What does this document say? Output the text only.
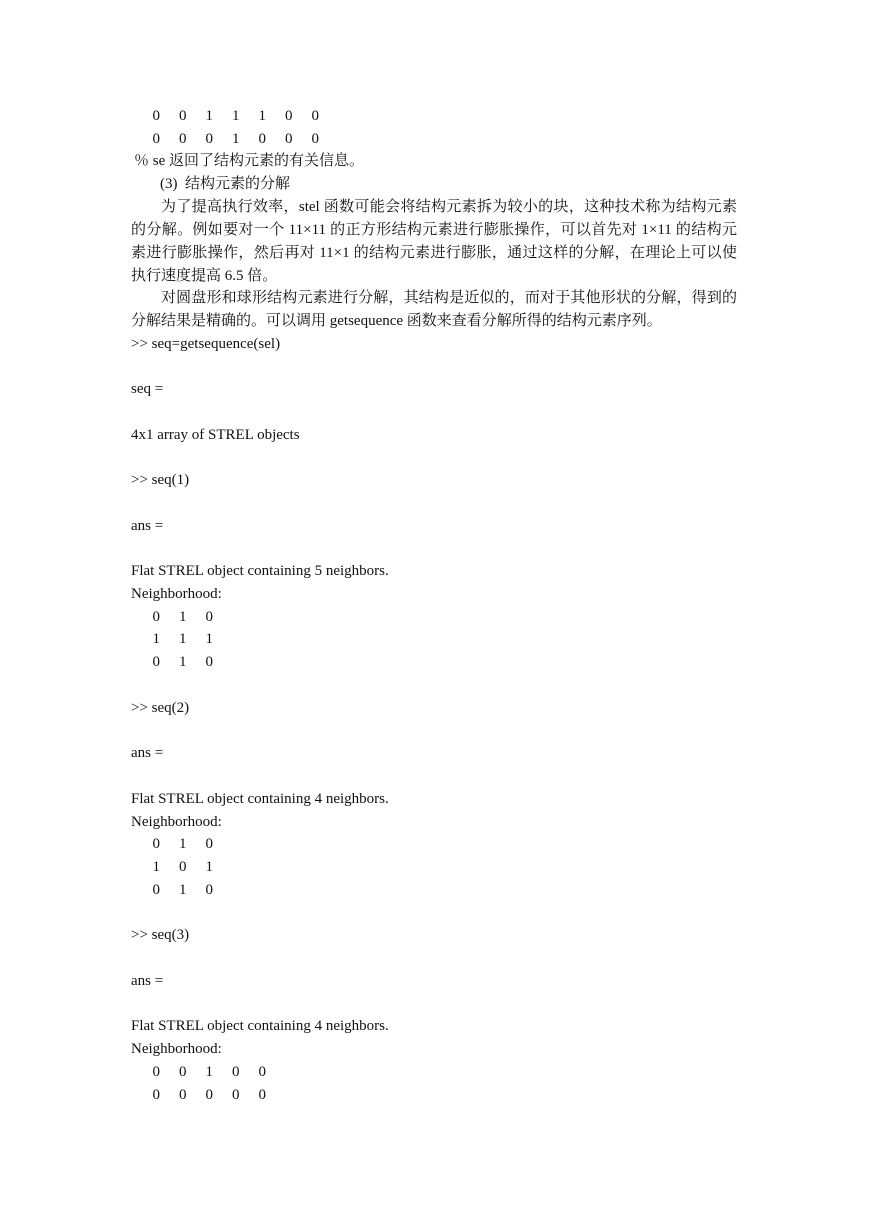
0	0	1	1	1	0	0
0	0	0	1	0	0	0
％ se 返回了结构元素的有关信息。
(3)  结构元素的分解
为了提高执行效率，stel 函数可能会将结构元素拆为较小的块，这种技术称为结构元素的分解。例如要对一个 11×11 的正方形结构元素进行膨胀操作，可以首先对 1×11 的结构元素进行膨胀操作，然后再对 11×1 的结构元素进行膨胀，通过这样的分解，在理论上可以使执行速度提高 6.5 倍。
对圆盘形和球形结构元素进行分解，其结构是近似的，而对于其他形状的分解，得到的分解结果是精确的。可以调用 getsequence 函数来查看分解所得的结构元素序列。
>> seq=getsequence(sel)
seq =
4x1 array of STREL objects
>> seq(1)
ans =
Flat STREL object containing 5 neighbors.
Neighborhood:
0	1	0
1	1	1
0	1	0
>> seq(2)
ans =
Flat STREL object containing 4 neighbors.
Neighborhood:
0	1	0
1	0	1
0	1	0
>> seq(3)
ans =
Flat STREL object containing 4 neighbors.
Neighborhood:
0	0	1	0	0
0	0	0	0	0
